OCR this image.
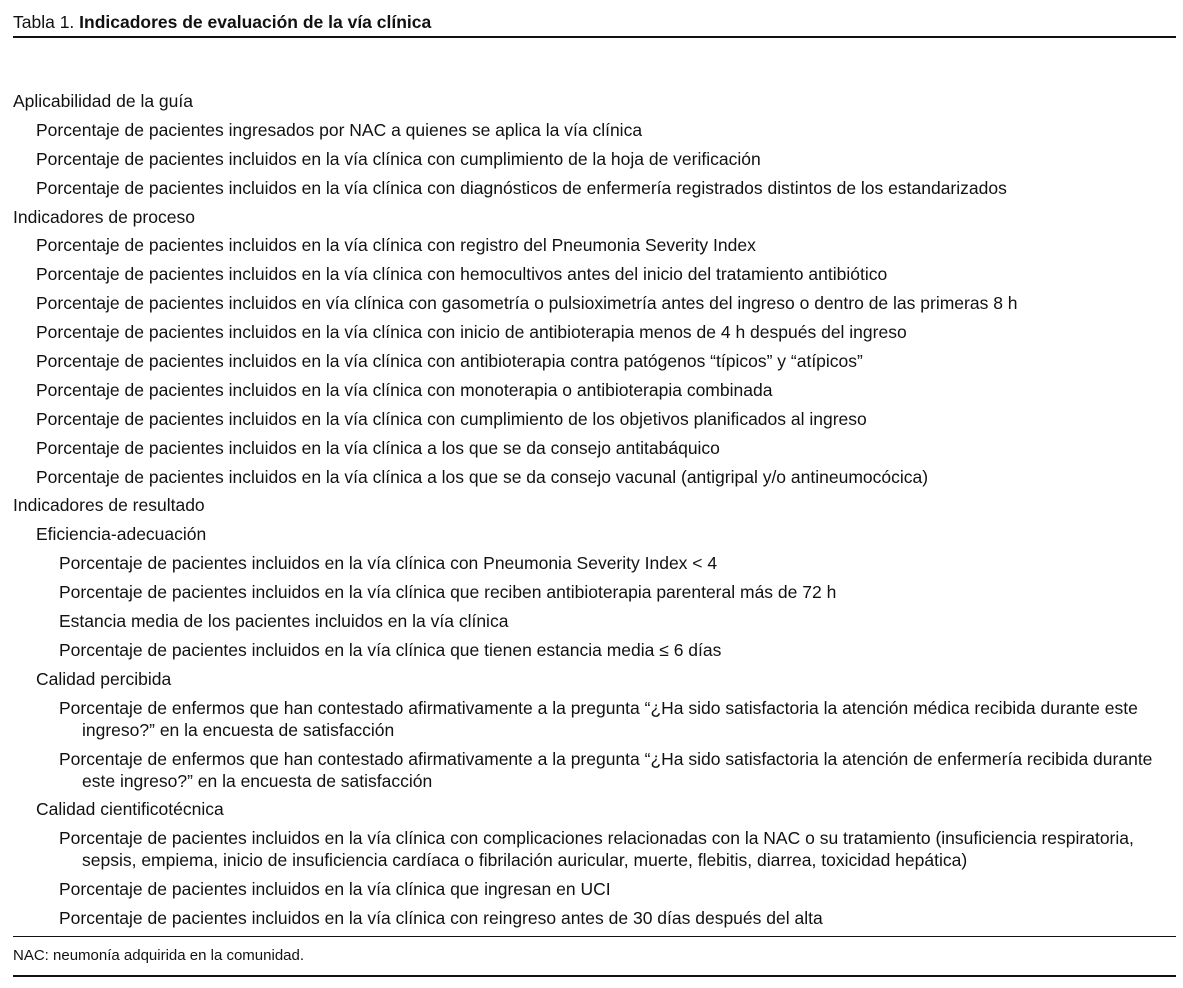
Tabla 1. Indicadores de evaluación de la vía clínica
Aplicabilidad de la guía
Porcentaje de pacientes ingresados por NAC a quienes se aplica la vía clínica
Porcentaje de pacientes incluidos en la vía clínica con cumplimiento de la hoja de verificación
Porcentaje de pacientes incluidos en la vía clínica con diagnósticos de enfermería registrados distintos de los estandarizados
Indicadores de proceso
Porcentaje de pacientes incluidos en la vía clínica con registro del Pneumonia Severity Index
Porcentaje de pacientes incluidos en la vía clínica con hemocultivos antes del inicio del tratamiento antibiótico
Porcentaje de pacientes incluidos en vía clínica con gasometría o pulsioximetría antes del ingreso o dentro de las primeras 8 h
Porcentaje de pacientes incluidos en la vía clínica con inicio de antibioterapia menos de 4 h después del ingreso
Porcentaje de pacientes incluidos en la vía clínica con antibioterapia contra patógenos “típicos” y “atípicos”
Porcentaje de pacientes incluidos en la vía clínica con monoterapia o antibioterapia combinada
Porcentaje de pacientes incluidos en la vía clínica con cumplimiento de los objetivos planificados al ingreso
Porcentaje de pacientes incluidos en la vía clínica a los que se da consejo antitabáquico
Porcentaje de pacientes incluidos en la vía clínica a los que se da consejo vacunal (antigripal y/o antineumocócica)
Indicadores de resultado
Eficiencia-adecuación
Porcentaje de pacientes incluidos en la vía clínica con Pneumonia Severity Index < 4
Porcentaje de pacientes incluidos en la vía clínica que reciben antibioterapia parenteral más de 72 h
Estancia media de los pacientes incluidos en la vía clínica
Porcentaje de pacientes incluidos en la vía clínica que tienen estancia media ≤ 6 días
Calidad percibida
Porcentaje de enfermos que han contestado afirmativamente a la pregunta “¿Ha sido satisfactoria la atención médica recibida durante este ingreso?” en la encuesta de satisfacción
Porcentaje de enfermos que han contestado afirmativamente a la pregunta “¿Ha sido satisfactoria la atención de enfermería recibida durante este ingreso?” en la encuesta de satisfacción
Calidad cientificotécnica
Porcentaje de pacientes incluidos en la vía clínica con complicaciones relacionadas con la NAC o su tratamiento (insuficiencia respiratoria, sepsis, empiema, inicio de insuficiencia cardíaca o fibrilación auricular, muerte, flebitis, diarrea, toxicidad hepática)
Porcentaje de pacientes incluidos en la vía clínica que ingresan en UCI
Porcentaje de pacientes incluidos en la vía clínica con reingreso antes de 30 días después del alta
NAC: neumonía adquirida en la comunidad.
